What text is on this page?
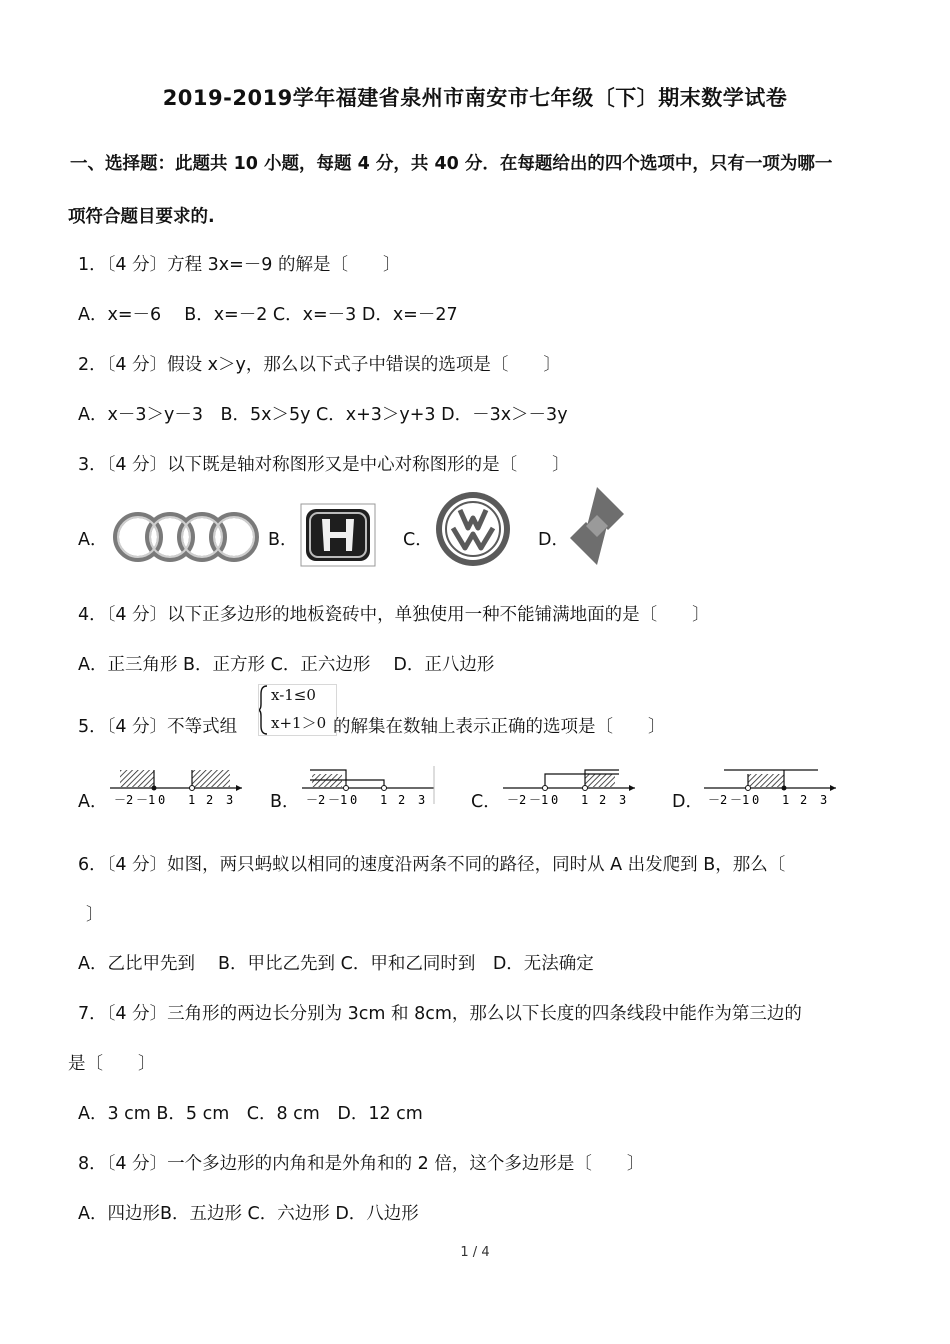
2019-2019学年福建省泉州市南安市七年级〔下〕期末数学试卷
一、选择题：此题共 10 小题，每题 4 分，共 40 分．在每题给出的四个选项中，只有一项为哪一
项符合题目要求的.
1．〔4 分〕方程 3x=－9 的解是〔　　〕
A．x=－6　 B．x=－2 C．x=－3 D．x=－27
2．〔4 分〕假设 x＞y，那么以下式子中错误的选项是〔　　〕
A．x－3＞y－3　B．5x＞5y C．x+3＞y+3 D．－3x＞－3y
3．〔4 分〕以下既是轴对称图形又是中心对称图形的是〔　　〕
A．	B．	C．	D．
4．〔4 分〕以下正多边形的地板瓷砖中，单独使用一种不能铺满地面的是〔　　〕
A．正三角形 B．正方形 C．正六边形　 D．正八边形
5．〔4 分〕不等式组
x-1≤0
x+1＞0 的解集在数轴上表示正确的选项是〔　　〕
A． －2 －1 0 1 2 3 B． －2 －1 0 1 2 3	C． －2 －1 0 1 2 3	D． －2 －1 0 1 2 3
6．〔4 分〕如图，两只蚂蚁以相同的速度沿两条不同的路径，同时从 A 出发爬到 B，那么〔
〕
A．乙比甲先到　 B．甲比乙先到 C．甲和乙同时到　D．无法确定
7．〔4 分〕三角形的两边长分别为 3cm 和 8cm，那么以下长度的四条线段中能作为第三边的
是〔　　〕
A．3 cm B．5 cm　C．8 cm　D．12 cm
8．〔4 分〕一个多边形的内角和是外角和的 2 倍，这个多边形是〔　　〕
A．四边形B．五边形 C．六边形 D．八边形
1 / 4
